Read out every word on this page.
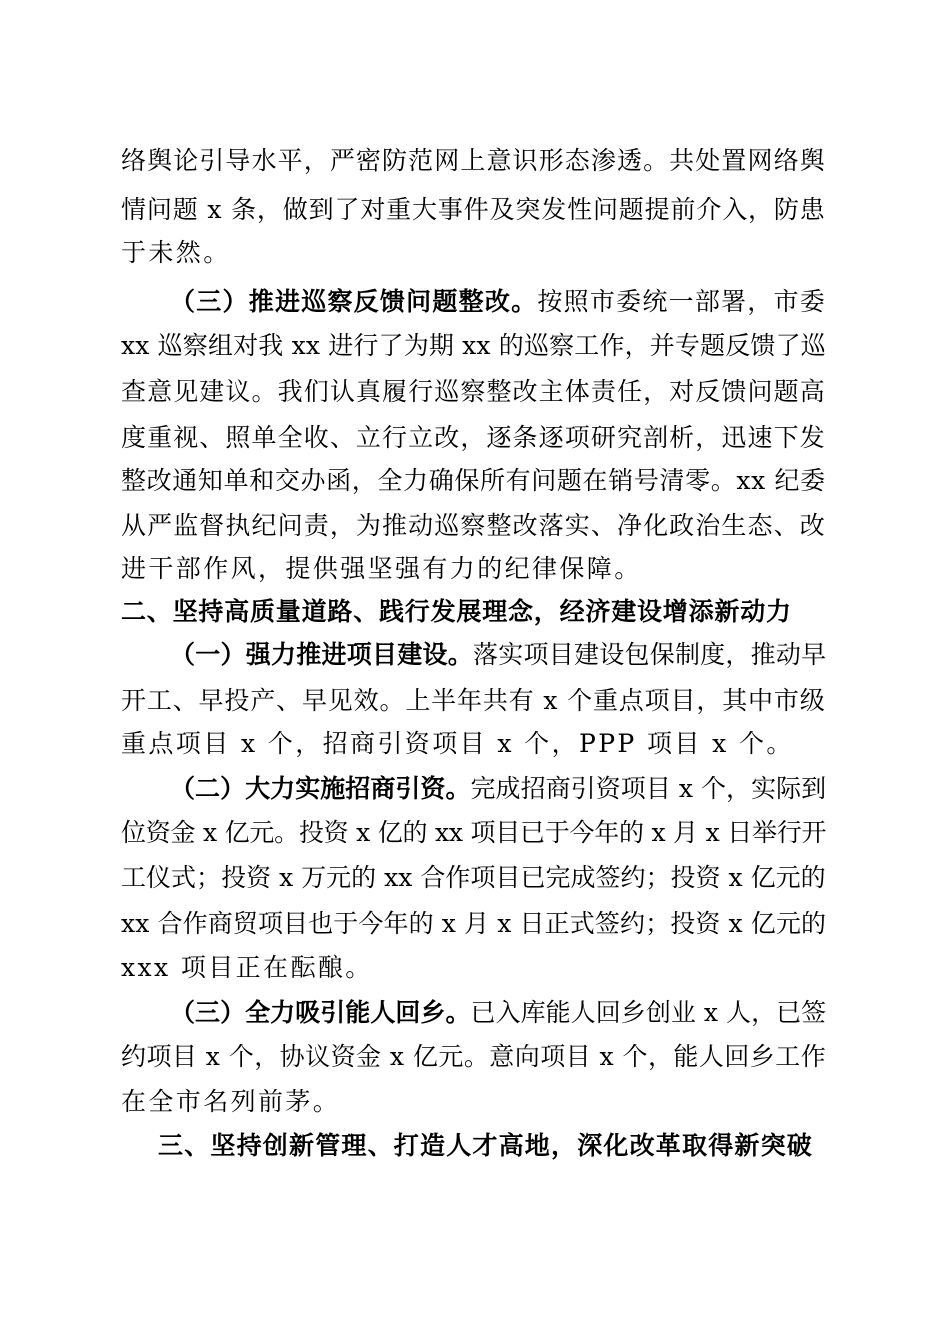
络舆论引导水平，严密防范网上意识形态渗透。共处置网络舆
情问题 x 条，做到了对重大事件及突发性问题提前介入，防患
于未然。
（三）推进巡察反馈问题整改。按照市委统一部署，市委
xx 巡察组对我 xx 进行了为期 xx 的巡察工作，并专题反馈了巡
查意见建议。我们认真履行巡察整改主体责任，对反馈问题高
度重视、照单全收、立行立改，逐条逐项研究剖析，迅速下发
整改通知单和交办函，全力确保所有问题在销号清零。xx 纪委
从严监督执纪问责，为推动巡察整改落实、净化政治生态、改
进干部作风，提供强坚强有力的纪律保障。
二、坚持高质量道路、践行发展理念，经济建设增添新动力
（一）强力推进项目建设。落实项目建设包保制度，推动早
开工、早投产、早见效。上半年共有 x 个重点项目，其中市级
重点项目 x 个，招商引资项目 x 个，PPP 项目 x 个。
（二）大力实施招商引资。完成招商引资项目 x 个，实际到
位资金 x 亿元。投资 x 亿的 xx 项目已于今年的 x 月 x 日举行开
工仪式；投资 x 万元的 xx 合作项目已完成签约；投资 x 亿元的
xx 合作商贸项目也于今年的 x 月 x 日正式签约；投资 x 亿元的
xxx 项目正在酝酿。
（三）全力吸引能人回乡。已入库能人回乡创业 x 人，已签
约项目 x 个，协议资金 x 亿元。意向项目 x 个，能人回乡工作
在全市名列前茅。
三、坚持创新管理、打造人才高地，深化改革取得新突破
